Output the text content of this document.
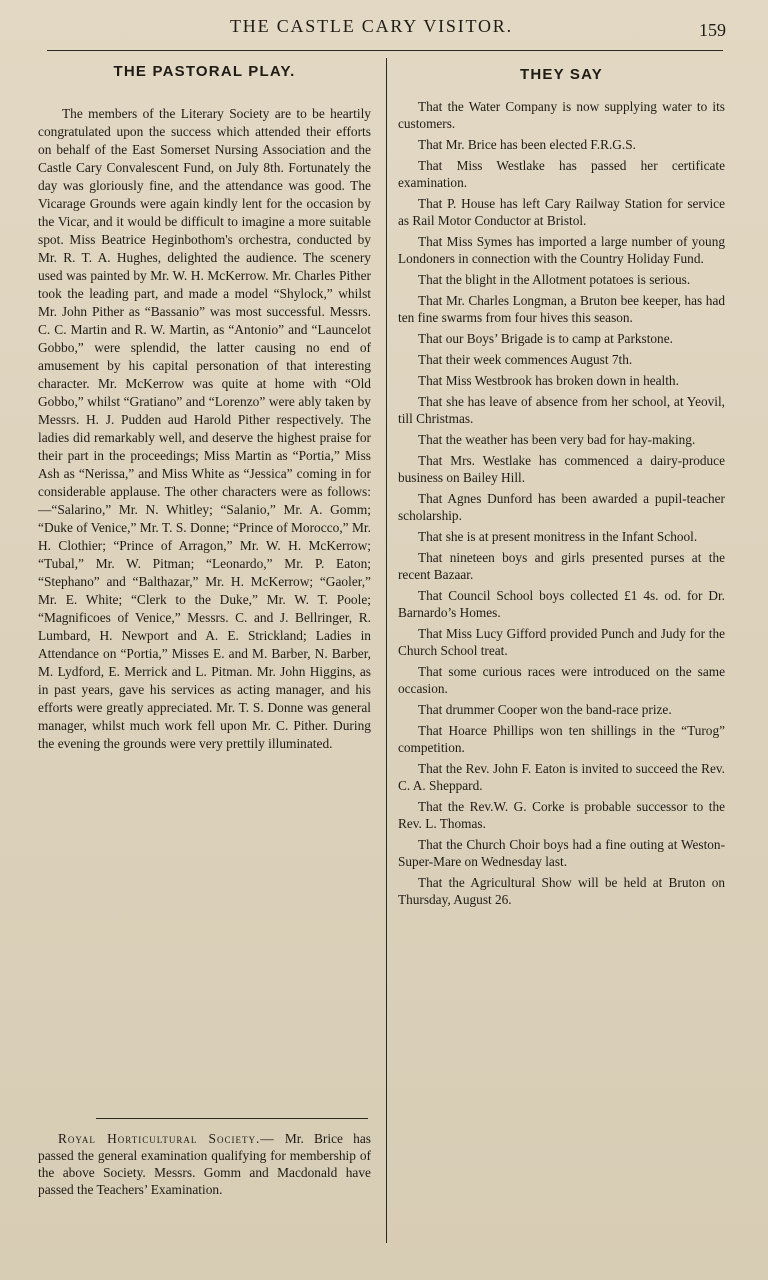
THE CASTLE CARY VISITOR.	159
THE PASTORAL PLAY.

The members of the Literary Society are to be heartily congratulated upon the success which attended their efforts on behalf of the East Somerset Nursing Association and the Castle Cary Convalescent Fund, on July 8th. Fortunately the day was gloriously fine, and the attendance was good. The Vicarage Grounds were again kindly lent for the occasion by the Vicar, and it would be difficult to imagine a more suitable spot. Miss Beatrice Heginbothom's orchestra, conducted by Mr. R. T. A. Hughes, delighted the audience. The scenery used was painted by Mr. W. H. McKerrow. Mr. Charles Pither took the leading part, and made a model “Shylock,” whilst Mr. John Pither as “Bassanio” was most successful. Messrs. C. C. Martin and R. W. Martin, as “Antonio” and “Launcelot Gobbo,” were splendid, the latter causing no end of amusement by his capital personation of that interesting character. Mr. McKerrow was quite at home with “Old Gobbo,” whilst “Gratiano” and “Lorenzo” were ably taken by Messrs. H. J. Pudden aud Harold Pither respectively. The ladies did remarkably well, and deserve the highest praise for their part in the proceedings; Miss Martin as “Portia,” Miss Ash as “Nerissa,” and Miss White as “Jessica” coming in for considerable applause. The other characters were as follows:—“Salarino,” Mr. N. Whitley; “Salanio,” Mr. A. Gomm; “Duke of Venice,” Mr. T. S. Donne; “Prince of Morocco,” Mr. H. Clothier; “Prince of Arragon,” Mr. W. H. McKerrow; “Tubal,” Mr. W. Pitman; “Leonardo,” Mr. P. Eaton; “Stephano” and “Balthazar,” Mr. H. McKerrow; “Gaoler,” Mr. E. White; “Clerk to the Duke,” Mr. W. T. Poole; “Magnificoes of Venice,” Messrs. C. and J. Bellringer, R. Lumbard, H. Newport and A. E. Strickland; Ladies in Attendance on “Portia,” Misses E. and M. Barber, N. Barber, M. Lydford, E. Merrick and L. Pitman. Mr. John Higgins, as in past years, gave his services as acting manager, and his efforts were greatly appreciated. Mr. T. S. Donne was general manager, whilst much work fell upon Mr. C. Pither. During the evening the grounds were very prettily illuminated.

Royal Horticultural Society.— Mr. Brice has passed the general examination qualifying for membership of the above Society. Messrs. Gomm and Macdonald have passed the Teachers’ Examination.

THEY SAY

That the Water Company is now supplying water to its customers.

That Mr. Brice has been elected F.R.G.S.

That Miss Westlake has passed her certificate examination.

That P. House has left Cary Railway Station for service as Rail Motor Conductor at Bristol.

That Miss Symes has imported a large number of young Londoners in connection with the Country Holiday Fund.

That the blight in the Allotment potatoes is serious.

That Mr. Charles Longman, a Bruton bee keeper, has had ten fine swarms from four hives this season.

That our Boys’ Brigade is to camp at Parkstone.

That their week commences August 7th.

That Miss Westbrook has broken down in health.

That she has leave of absence from her school, at Yeovil, till Christmas.

That the weather has been very bad for hay-making.

That Mrs. Westlake has commenced a dairy-produce business on Bailey Hill.

That Agnes Dunford has been awarded a pupil-teacher scholarship.

That she is at present monitress in the Infant School.

That nineteen boys and girls presented purses at the recent Bazaar.

That Council School boys collected £1 4s. od. for Dr. Barnardo’s Homes.

That Miss Lucy Gifford provided Punch and Judy for the Church School treat.

That some curious races were introduced on the same occasion.

That drummer Cooper won the band-race prize.

That Hoarce Phillips won ten shillings in the “Turog” competition.

That the Rev. John F. Eaton is invited to succeed the Rev. C. A. Sheppard.

That the Rev.W. G. Corke is probable successor to the Rev. L. Thomas.

That the Church Choir boys had a fine outing at Weston-Super-Mare on Wednesday last.

That the Agricultural Show will be held at Bruton on Thursday, August 26.
